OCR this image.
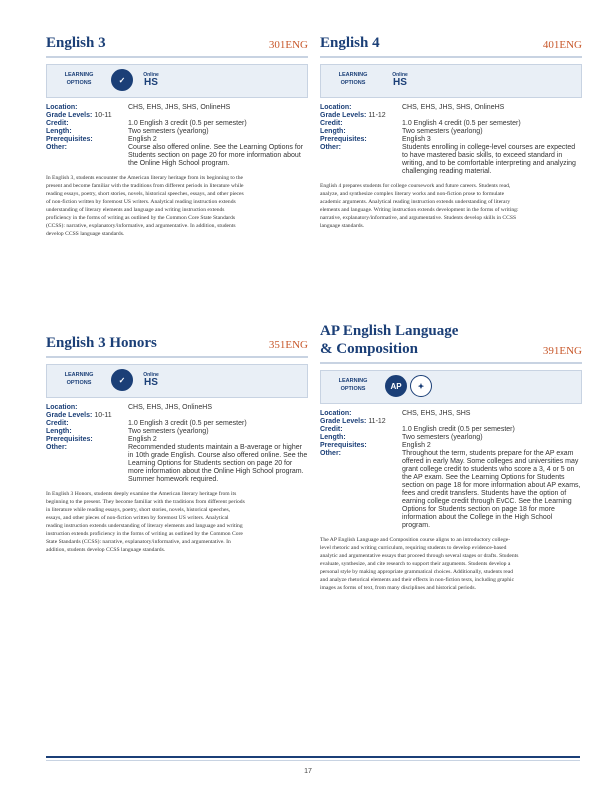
English 3	301ENG
LEARNING
OPTIONS	✓
Online
HS
Location:	CHS, EHS, JHS, SHS, OnlineHS
Grade Levels: 10-11
Credit:	1.0 English 3 credit (0.5 per semester)
Length:	Two semesters (yearlong)
Prerequisites:	English 2
Other:	Course also offered online. See the Learning Options for Students section on page 20 for more information about the Online High School program.
In English 3, students encounter the American literary heritage from its beginning to the present and become familiar with the traditions from different periods in literature while reading essays, poetry, short stories, novels, historical speeches, essays, and other pieces of non-fiction written by foremost US writers. Analytical reading instruction extends understanding of literary elements and language and writing instruction extends proficiency in the forms of writing as outlined by the Common Core State Standards (CCSS): narrative, explanatory/informative, and argumentative. In addition, students develop CCSS language standards.
English 3 Honors	351ENG
LEARNING
OPTIONS	✓
Online
HS
Location:	CHS, EHS, JHS, OnlineHS
Grade Levels: 10-11
Credit:	1.0 English 3 credit (0.5 per semester)
Length:	Two semesters (yearlong)
Prerequisites:	English 2
Other:	Recommended students maintain a B-average or higher in 10th grade English. Course also offered online. See the Learning Options for Students section on page 20 for more information about the Online High School program. Summer homework required.
In English 3 Honors, students deeply examine the American literary heritage from its beginning to the present. They become familiar with the traditions from different periods in literature while reading essays, poetry, short stories, novels, historical speeches, essays, and other pieces of non-fiction written by foremost US writers. Analytical reading instruction extends understanding of literary elements and language and writing instruction extends proficiency in the forms of writing as outlined by the Common Core State Standards (CCSS): narrative, explanatory/informative, and argumentative. In addition, students develop CCSS language standards.
English 4	401ENG
LEARNING
OPTIONS
Online
HS
Location:	CHS, EHS, JHS, SHS, OnlineHS
Grade Levels: 11-12
Credit:	1.0 English 4 credit (0.5 per semester)
Length:	Two semesters (yearlong)
Prerequisites:	English 3
Other:	Students enrolling in college-level courses are expected to have mastered basic skills, to exceed standard in writing, and to be comfortable interpreting and analyzing challenging reading material.
English 4 prepares students for college coursework and future careers. Students read, analyze, and synthesize complex literary works and non-fiction prose to formulate academic arguments. Analytical reading instruction extends understanding of literary elements and language. Writing instruction extends development in the forms of writing: narrative, explanatory/informative, and argumentative. Students develop skills in CCSS language standards.
AP English Language
& Composition	391ENG
LEARNING
OPTIONS	AP	✦
Location:	CHS, EHS, JHS, SHS
Grade Levels: 11-12
Credit:	1.0 English credit (0.5 per semester)
Length:	Two semesters (yearlong)
Prerequisites:	English 2
Other:	Throughout the term, students prepare for the AP exam offered in early May. Some colleges and universities may grant college credit to students who score a 3, 4 or 5 on the AP exam. See the Learning Options for Students section on page 18 for more information about AP exams, fees and credit transfers. Students have the option of earning college credit through EvCC. See the Learning Options for Students section on page 18 for more information about the College in the High School program.
The AP English Language and Composition course aligns to an introductory college-level rhetoric and writing curriculum, requiring students to develop evidence-based analytic and argumentative essays that proceed through several stages or drafts. Students evaluate, synthesize, and cite research to support their arguments. Students develop a personal style by making appropriate grammatical choices. Additionally, students read and analyze rhetorical elements and their effects in non-fiction texts, including graphic images as forms of text, from many disciplines and historical periods.
17
